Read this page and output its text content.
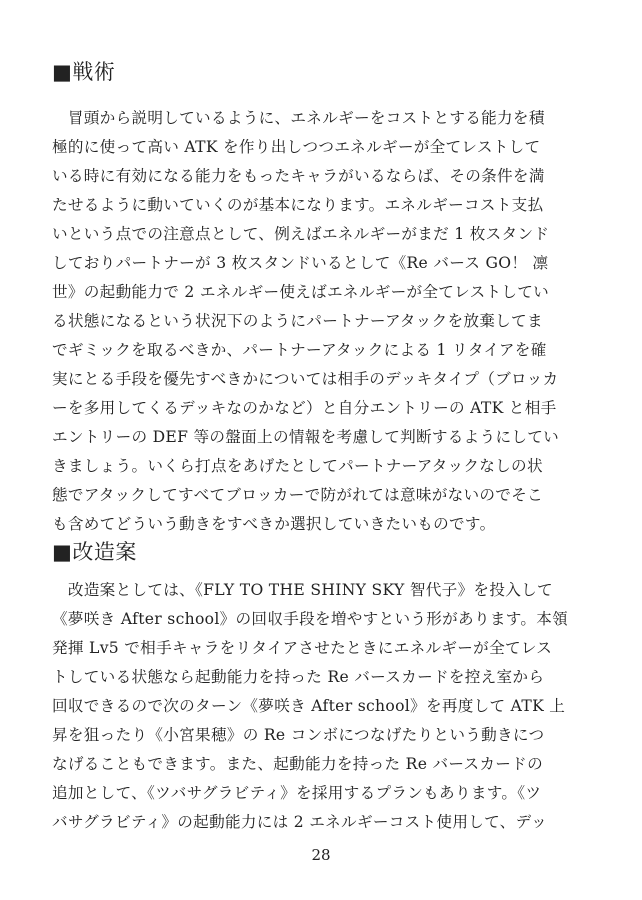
■戦術
　冒頭から説明しているように、エネルギーをコストとする能力を積
極的に使って高い ATK を作り出しつつエネルギーが全てレストして
いる時に有効になる能力をもったキャラがいるならば、その条件を満
たせるように動いていくのが基本になります。エネルギーコスト支払
いという点での注意点として、例えばエネルギーがまだ 1 枚スタンド
しておりパートナーが 3 枚スタンドいるとして《Re バース GO！ 凛
世》の起動能力で 2 エネルギー使えばエネルギーが全てレストしてい
る状態になるという状況下のようにパートナーアタックを放棄してま
でギミックを取るべきか、パートナーアタックによる 1 リタイアを確
実にとる手段を優先すべきかについては相手のデッキタイプ（ブロッカ
ーを多用してくるデッキなのかなど）と自分エントリーの ATK と相手
エントリーの DEF 等の盤面上の情報を考慮して判断するようにしてい
きましょう。いくら打点をあげたとしてパートナーアタックなしの状
態でアタックしてすべてブロッカーで防がれては意味がないのでそこ
も含めてどういう動きをすべきか選択していきたいものです。
■改造案
　改造案としては、《FLY TO THE SHINY SKY 智代子》を投入して
《夢咲き After school》の回収手段を増やすという形があります。本領
発揮 Lv5 で相手キャラをリタイアさせたときにエネルギーが全てレス
トしている状態なら起動能力を持った Re バースカードを控え室から
回収できるので次のターン《夢咲き After school》を再度して ATK 上
昇を狙ったり《小宮果穂》の Re コンボにつなげたりという動きにつ
なげることもできます。また、起動能力を持った Re バースカードの
追加として、《ツバサグラビティ》を採用するプランもあります。《ツ
バサグラビティ》の起動能力には 2 エネルギーコスト使用して、デッ
28
